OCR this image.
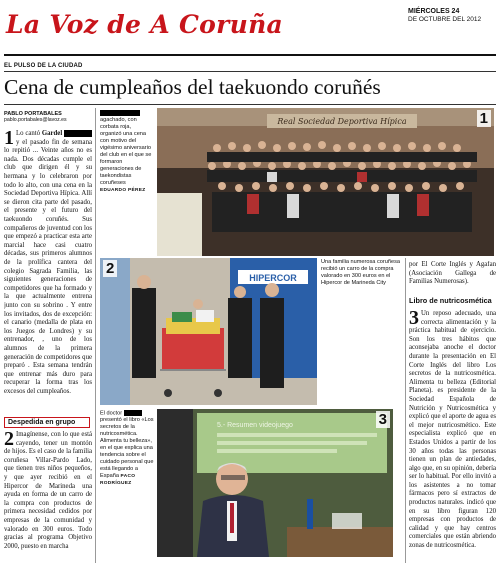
La Voz de A Coruña	MIÉRCOLES 24
DE OCTUBRE DEL 2012
EL PULSO DE LA CIUDAD
Cena de cumpleaños del taekuondo coruñés
PABLO PORTABALES
pablo.portabales@lavoz.es
1 Lo cantó Gardel  y el pasado fin de semana lo repitió ... Veinte años no es nada. Dos décadas cumple el club que dirigen él y su hermana y lo celebraron por todo lo alto, con una cena en la Sociedad Deportiva Hípica. Allí se dieron cita parte del pasado, el presente y el futuro del taekuondo coruñés. Sus compañeros de juventud con los que empezó a practicar esta arte marcial hace casi cuatro décadas, sus primeros alumnos de la prolífica cantera del colegio Sagrada Familia, las siguientes generaciones de competidores que ha formado y la que actualmente entrena junto con su sobrino . Y entre los invitados, dos de excepción: el canario (medalla de plata en los Juegos de Londres) y su entrenador, , uno de los alumnos de la primera generación de competidores que preparó . Esta semana tendrán que entrenar más duro para recuperar la forma tras los excesos del cumpleaños.
Despedida en grupo
2 Imagínense, con lo que está cayendo, tener un montón de hijos. Es el caso de la familia coruñesa Villar-Pardo Lado, que tienen tres niños pequeños, y que ayer recibió en el Hipercor de Marineda una ayuda en forma de un carro de la compra con productos de primera necesidad cedidos por empresas de la comunidad y valorado en 300 euros. Todo gracias al programa Objetivo 2000, puesto en marcha
agachado, con corbata roja, organizó una cena con motivo del vigésimo aniversario del club en el que se formaron generaciones de taekondistas coruñeses
EDUARDO PÉREZ
Real Sociedad Deportiva Hípica	1
HIPERCOR
2	Una familia numerosa coruñesa recibió un carro de la compra valorado en 300 euros en el Hipercor de Marineda City
El doctor  presentó el libro «Los secretos de la nutricosmética. Alimenta tu belleza», en el que explica una tendencia sobre el cuidado personal que está llegando a España PACO RODRÍGUEZ
5.- Resumen videojuego	3
por El Corte Inglés y Agafan (Asociación Gallega de Familias Numerosas).
Libro de nutricosmética
3 Un reposo adecuado, una correcta alimentación y la práctica habitual de ejercicio. Son los tres hábitos que aconsejaba anoche el doctor durante la presentación en El Corte Inglés del libro Los secretos de la nutricosmética. Alimenta tu belleza (Editorial Planeta). es presidente de la Sociedad Española de Nutrición y Nutricosmética y explicó que el aporte de agua es el mejor nutricosmético. Este especialista explicó que en Estados Unidos a partir de los 30 años todas las personas tienen un plan de antiedades, algo que, en su opinión, debería ser lo habitual. Por ello invitó a los asistentes a no tomar fármacos pero sí extractos de productos naturales. indicó que en su libro figuran 120 empresas con productos de calidad y que hay centros comerciales que están abriendo zonas de nutricosmética.
